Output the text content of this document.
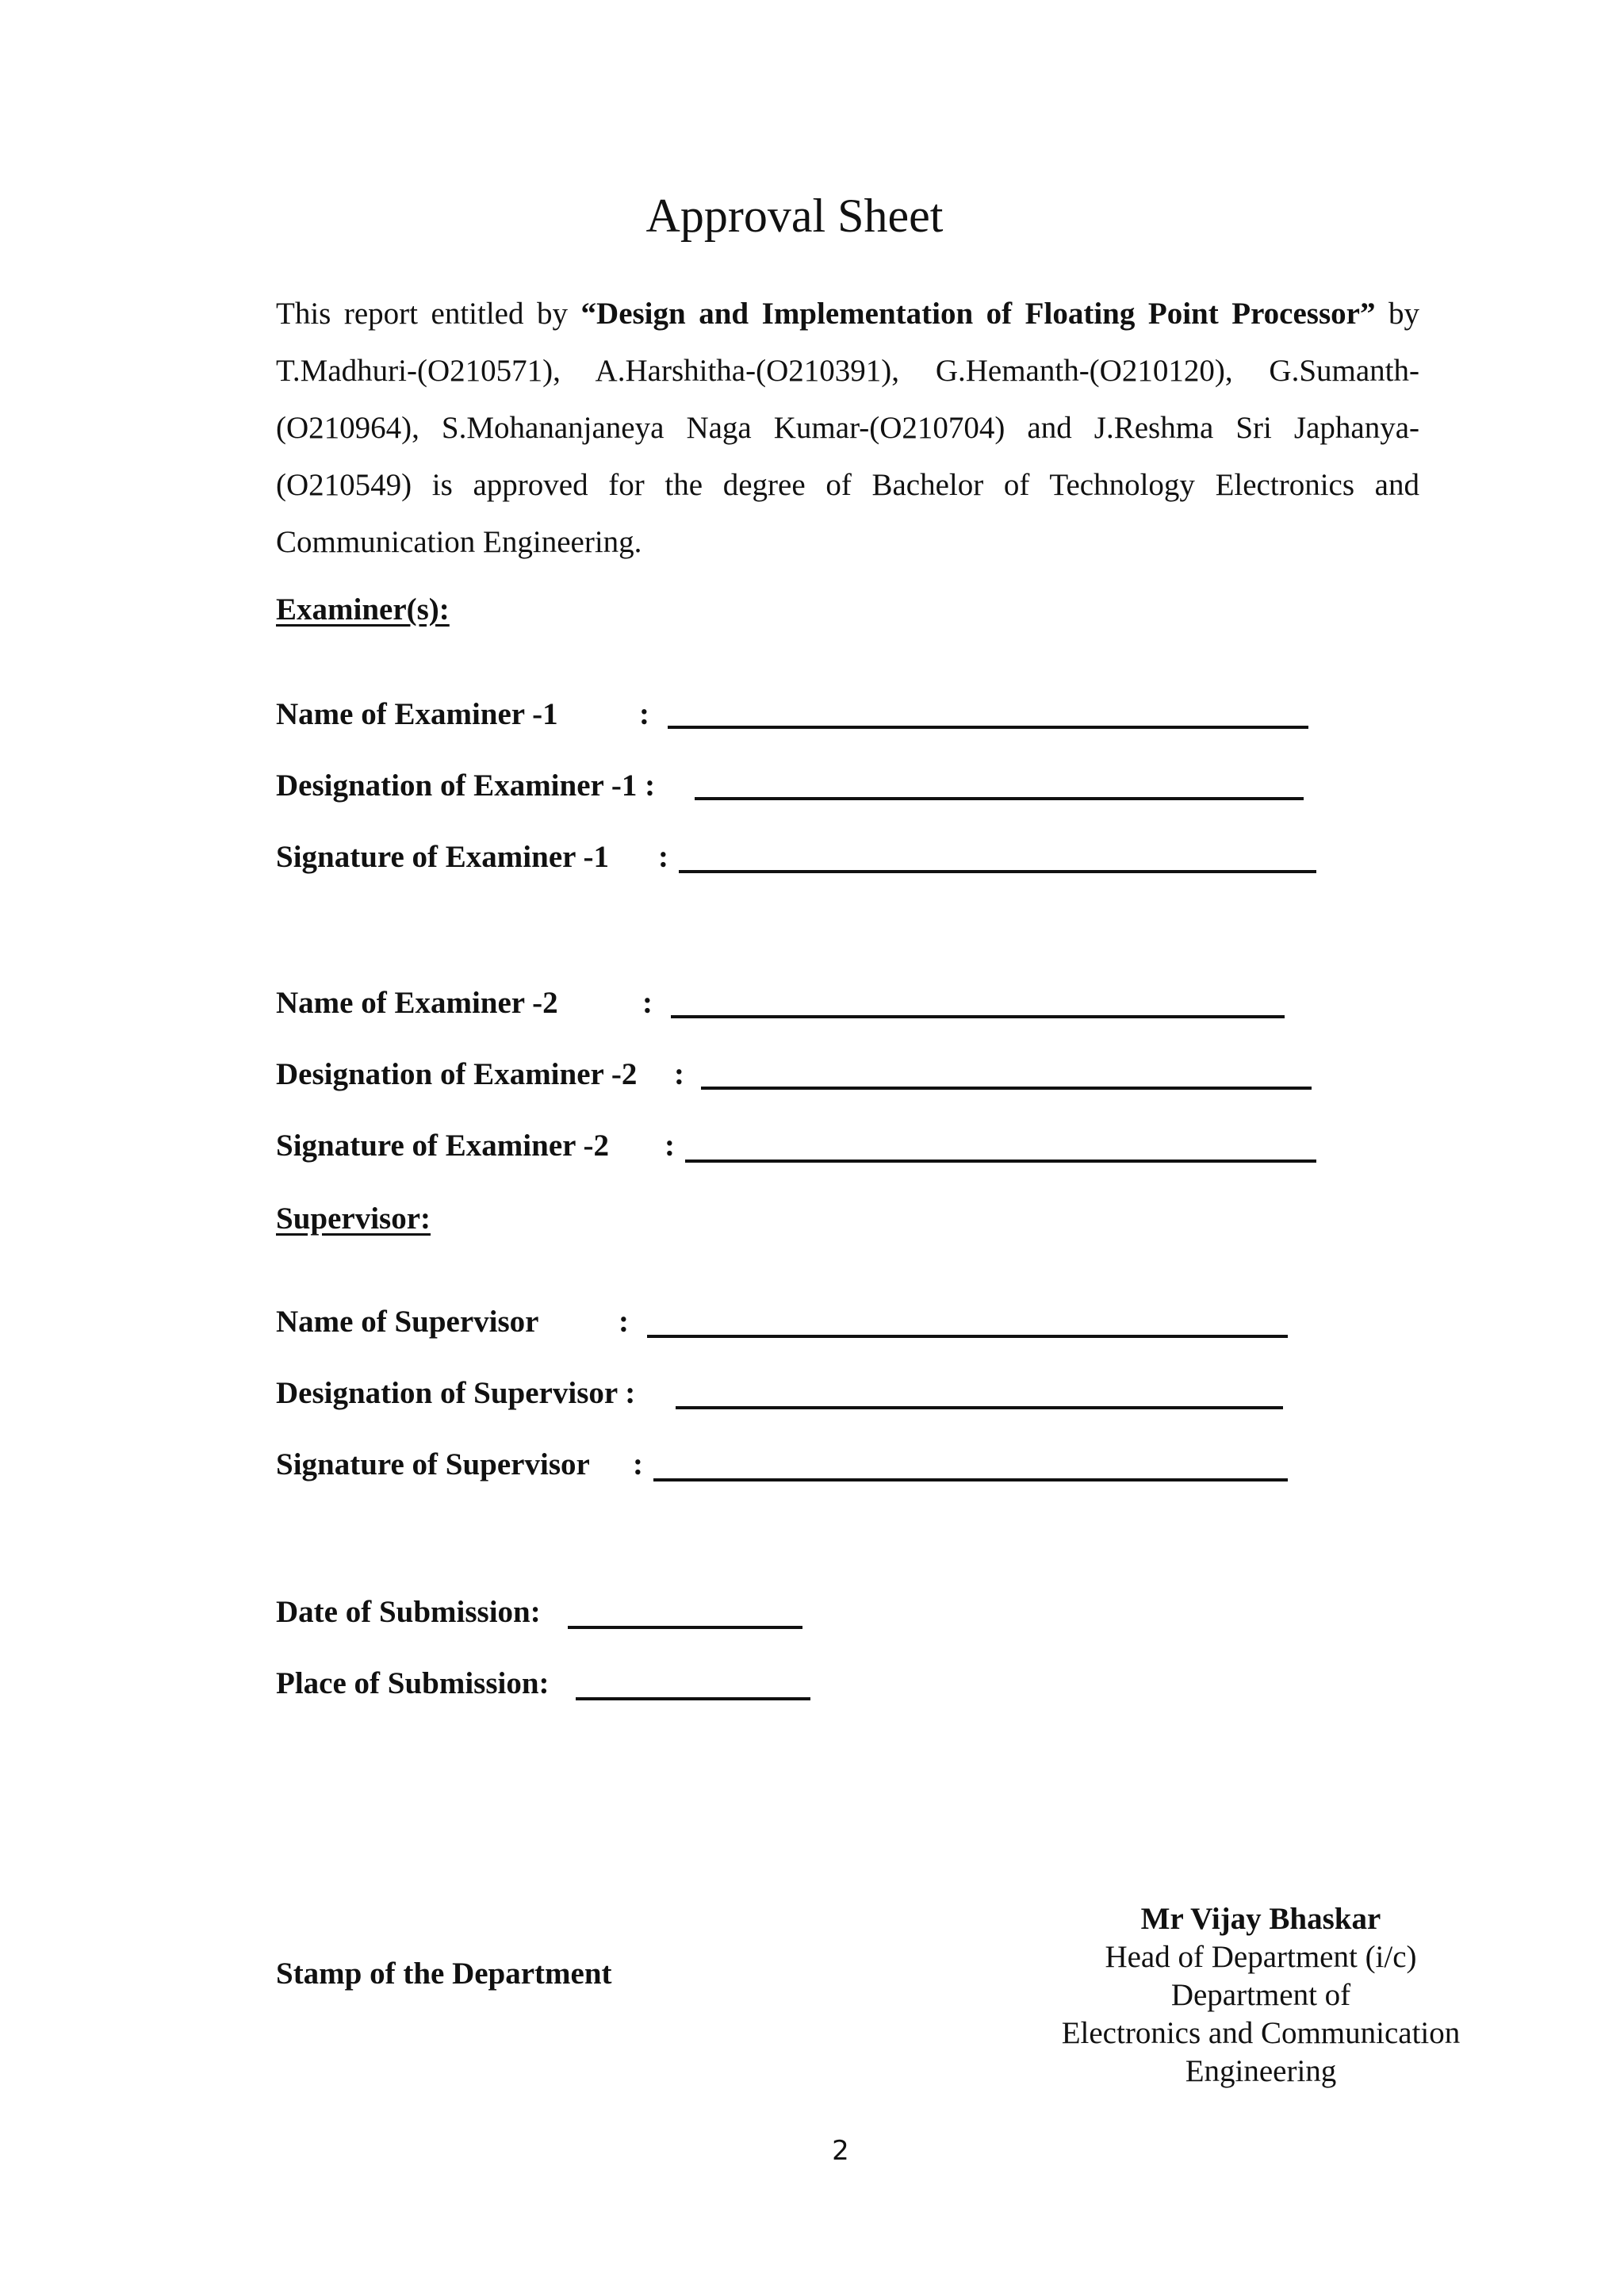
Approval Sheet
This report entitled by “Design and Implementation of Floating Point Processor” by T.Madhuri-(O210571), A.Harshitha-(O210391), G.Hemanth-(O210120), G.Sumanth-(O210964), S.Mohananjaneya Naga Kumar-(O210704) and J.Reshma Sri Japhanya-(O210549) is approved for the degree of Bachelor of Technology Electronics and Communication Engineering.
Examiner(s):
Name of Examiner -1	:
Designation of Examiner -1 :
Signature of Examiner -1 :
Name of Examiner -2	:
Designation of Examiner -2 :
Signature of Examiner -2 :
Supervisor:
Name of Supervisor	:
Designation of Supervisor :
Signature of Supervisor :
Date of Submission:
Place of Submission:
Stamp of the Department
Mr Vijay Bhaskar
Head of Department (i/c)
Department of
Electronics and Communication
Engineering
2
